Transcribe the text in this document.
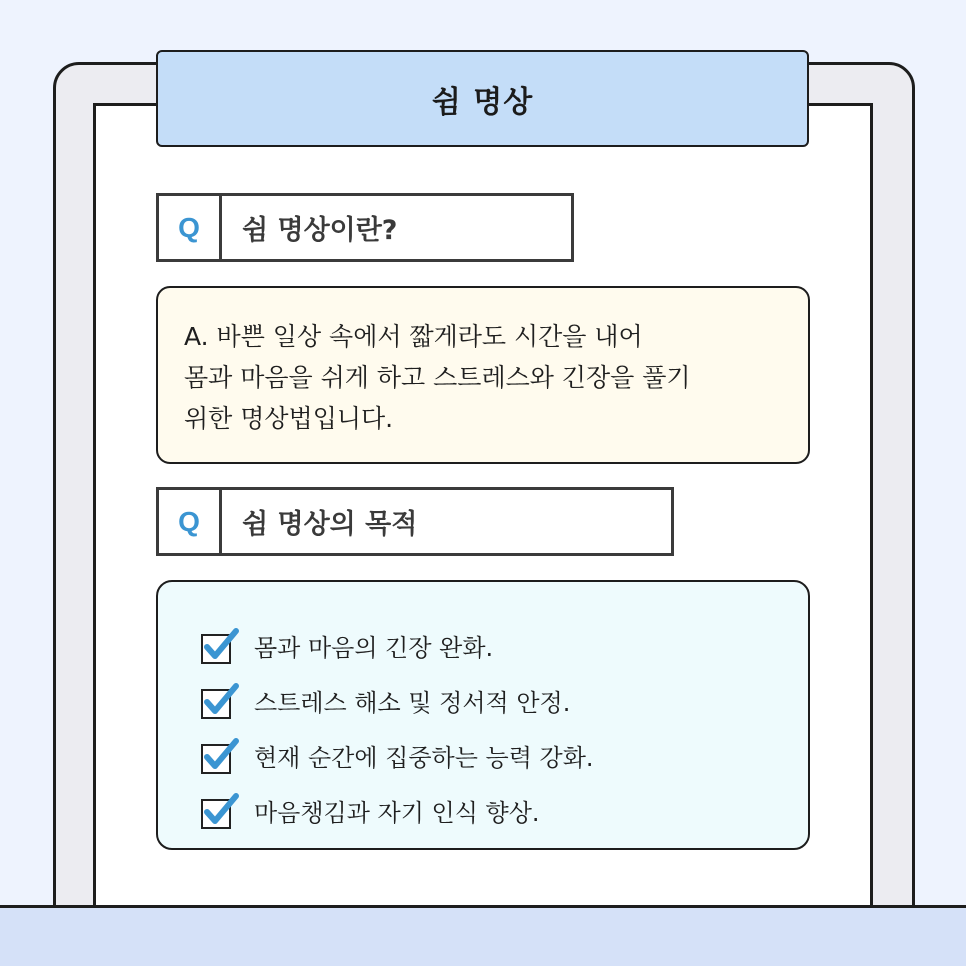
쉼 명상
Q	쉼 명상이란?
A. 바쁜 일상 속에서 짧게라도 시간을 내어
몸과 마음을 쉬게 하고 스트레스와 긴장을 풀기
위한 명상법입니다.
Q	쉼 명상의 목적
몸과 마음의 긴장 완화.
스트레스 해소 및 정서적 안정.
현재 순간에 집중하는 능력 강화.
마음챙김과 자기 인식 향상.
